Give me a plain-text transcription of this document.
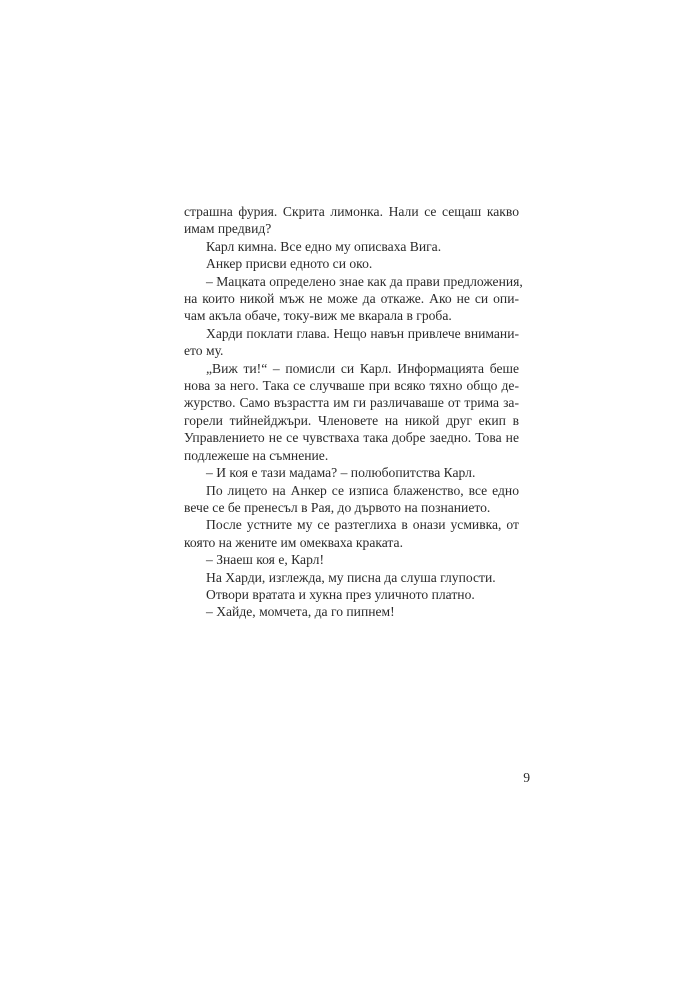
страшна фурия. Скрита лимонка. Нали се сещаш какво
имам предвид?
Карл кимна. Все едно му описваха Вига.
Анкер присви едното си око.
– Мацката определено знае как да прави предложения,
на които никой мъж не може да откаже. Ако не си опи-
чам акъла обаче, току-виж ме вкарала в гроба.
Харди поклати глава. Нещо навън привлече внимани-
ето му.
„Виж ти!“ – помисли си Карл. Информацията беше
нова за него. Така се случваше при всяко тяхно общо де-
журство. Само възрастта им ги различаваше от трима за-
горели тийнейджъри. Членовете на никой друг екип в
Управлението не се чувстваха така добре заедно. Това не
подлежеше на съмнение.
– И коя е тази мадама? – полюбопитства Карл.
По лицето на Анкер се изписа блаженство, все едно
вече се бе пренесъл в Рая, до дървото на познанието.
После устните му се разтеглиха в онази усмивка, от
която на жените им омекваха краката.
– Знаеш коя е, Карл!
На Харди, изглежда, му писна да слуша глупости.
Отвори вратата и хукна през уличното платно.
– Хайде, момчета, да го пипнем!
9
